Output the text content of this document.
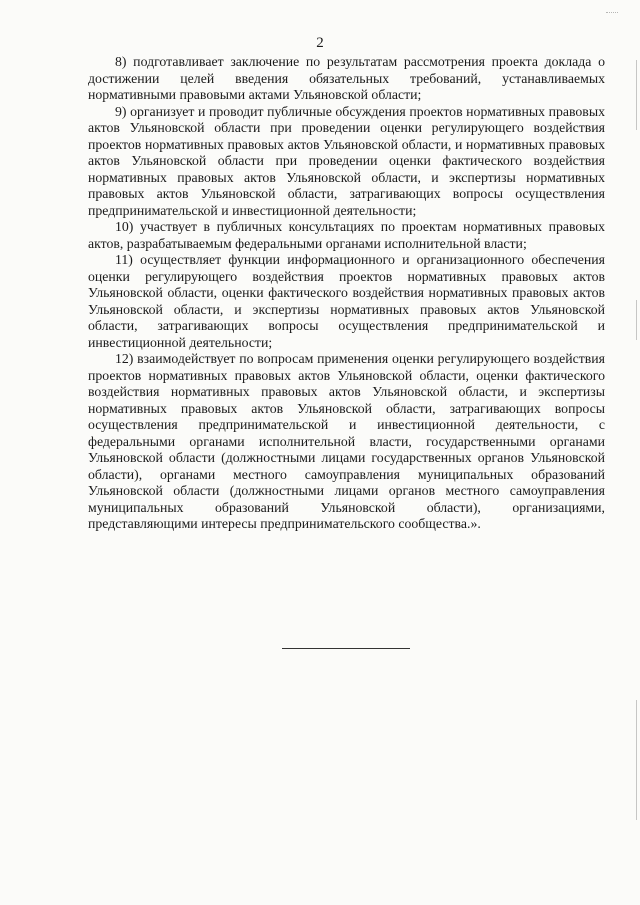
2

8) подготавливает заключение по результатам рассмотрения проекта доклада о достижении целей введения обязательных требований, устанавливаемых нормативными правовыми актами Ульяновской области;

9) организует и проводит публичные обсуждения проектов нормативных правовых актов Ульяновской области при проведении оценки регулирующего воздействия проектов нормативных правовых актов Ульяновской области, и нормативных правовых актов Ульяновской области при проведении оценки фактического воздействия нормативных правовых актов Ульяновской области, и экспертизы нормативных правовых актов Ульяновской области, затрагивающих вопросы осуществления предпринимательской и инвестиционной деятельности;

10) участвует в публичных консультациях по проектам нормативных правовых актов, разрабатываемым федеральными органами исполнительной власти;

11) осуществляет функции информационного и организационного обеспечения оценки регулирующего воздействия проектов нормативных правовых актов Ульяновской области, оценки фактического воздействия нормативных правовых актов Ульяновской области, и экспертизы нормативных правовых актов Ульяновской области, затрагивающих вопросы осуществления предпринимательской и инвестиционной деятельности;

12) взаимодействует по вопросам применения оценки регулирующего воздействия проектов нормативных правовых актов Ульяновской области, оценки фактического воздействия нормативных правовых актов Ульяновской области, и экспертизы нормативных правовых актов Ульяновской области, затрагивающих вопросы осуществления предпринимательской и инвестиционной деятельности, с федеральными органами исполнительной власти, государственными органами Ульяновской области (должностными лицами государственных органов Ульяновской области), органами местного самоуправления муниципальных образований Ульяновской области (должностными лицами органов местного самоуправления муниципальных образований Ульяновской области), организациями, представляющими интересы предпринимательского сообщества.».
